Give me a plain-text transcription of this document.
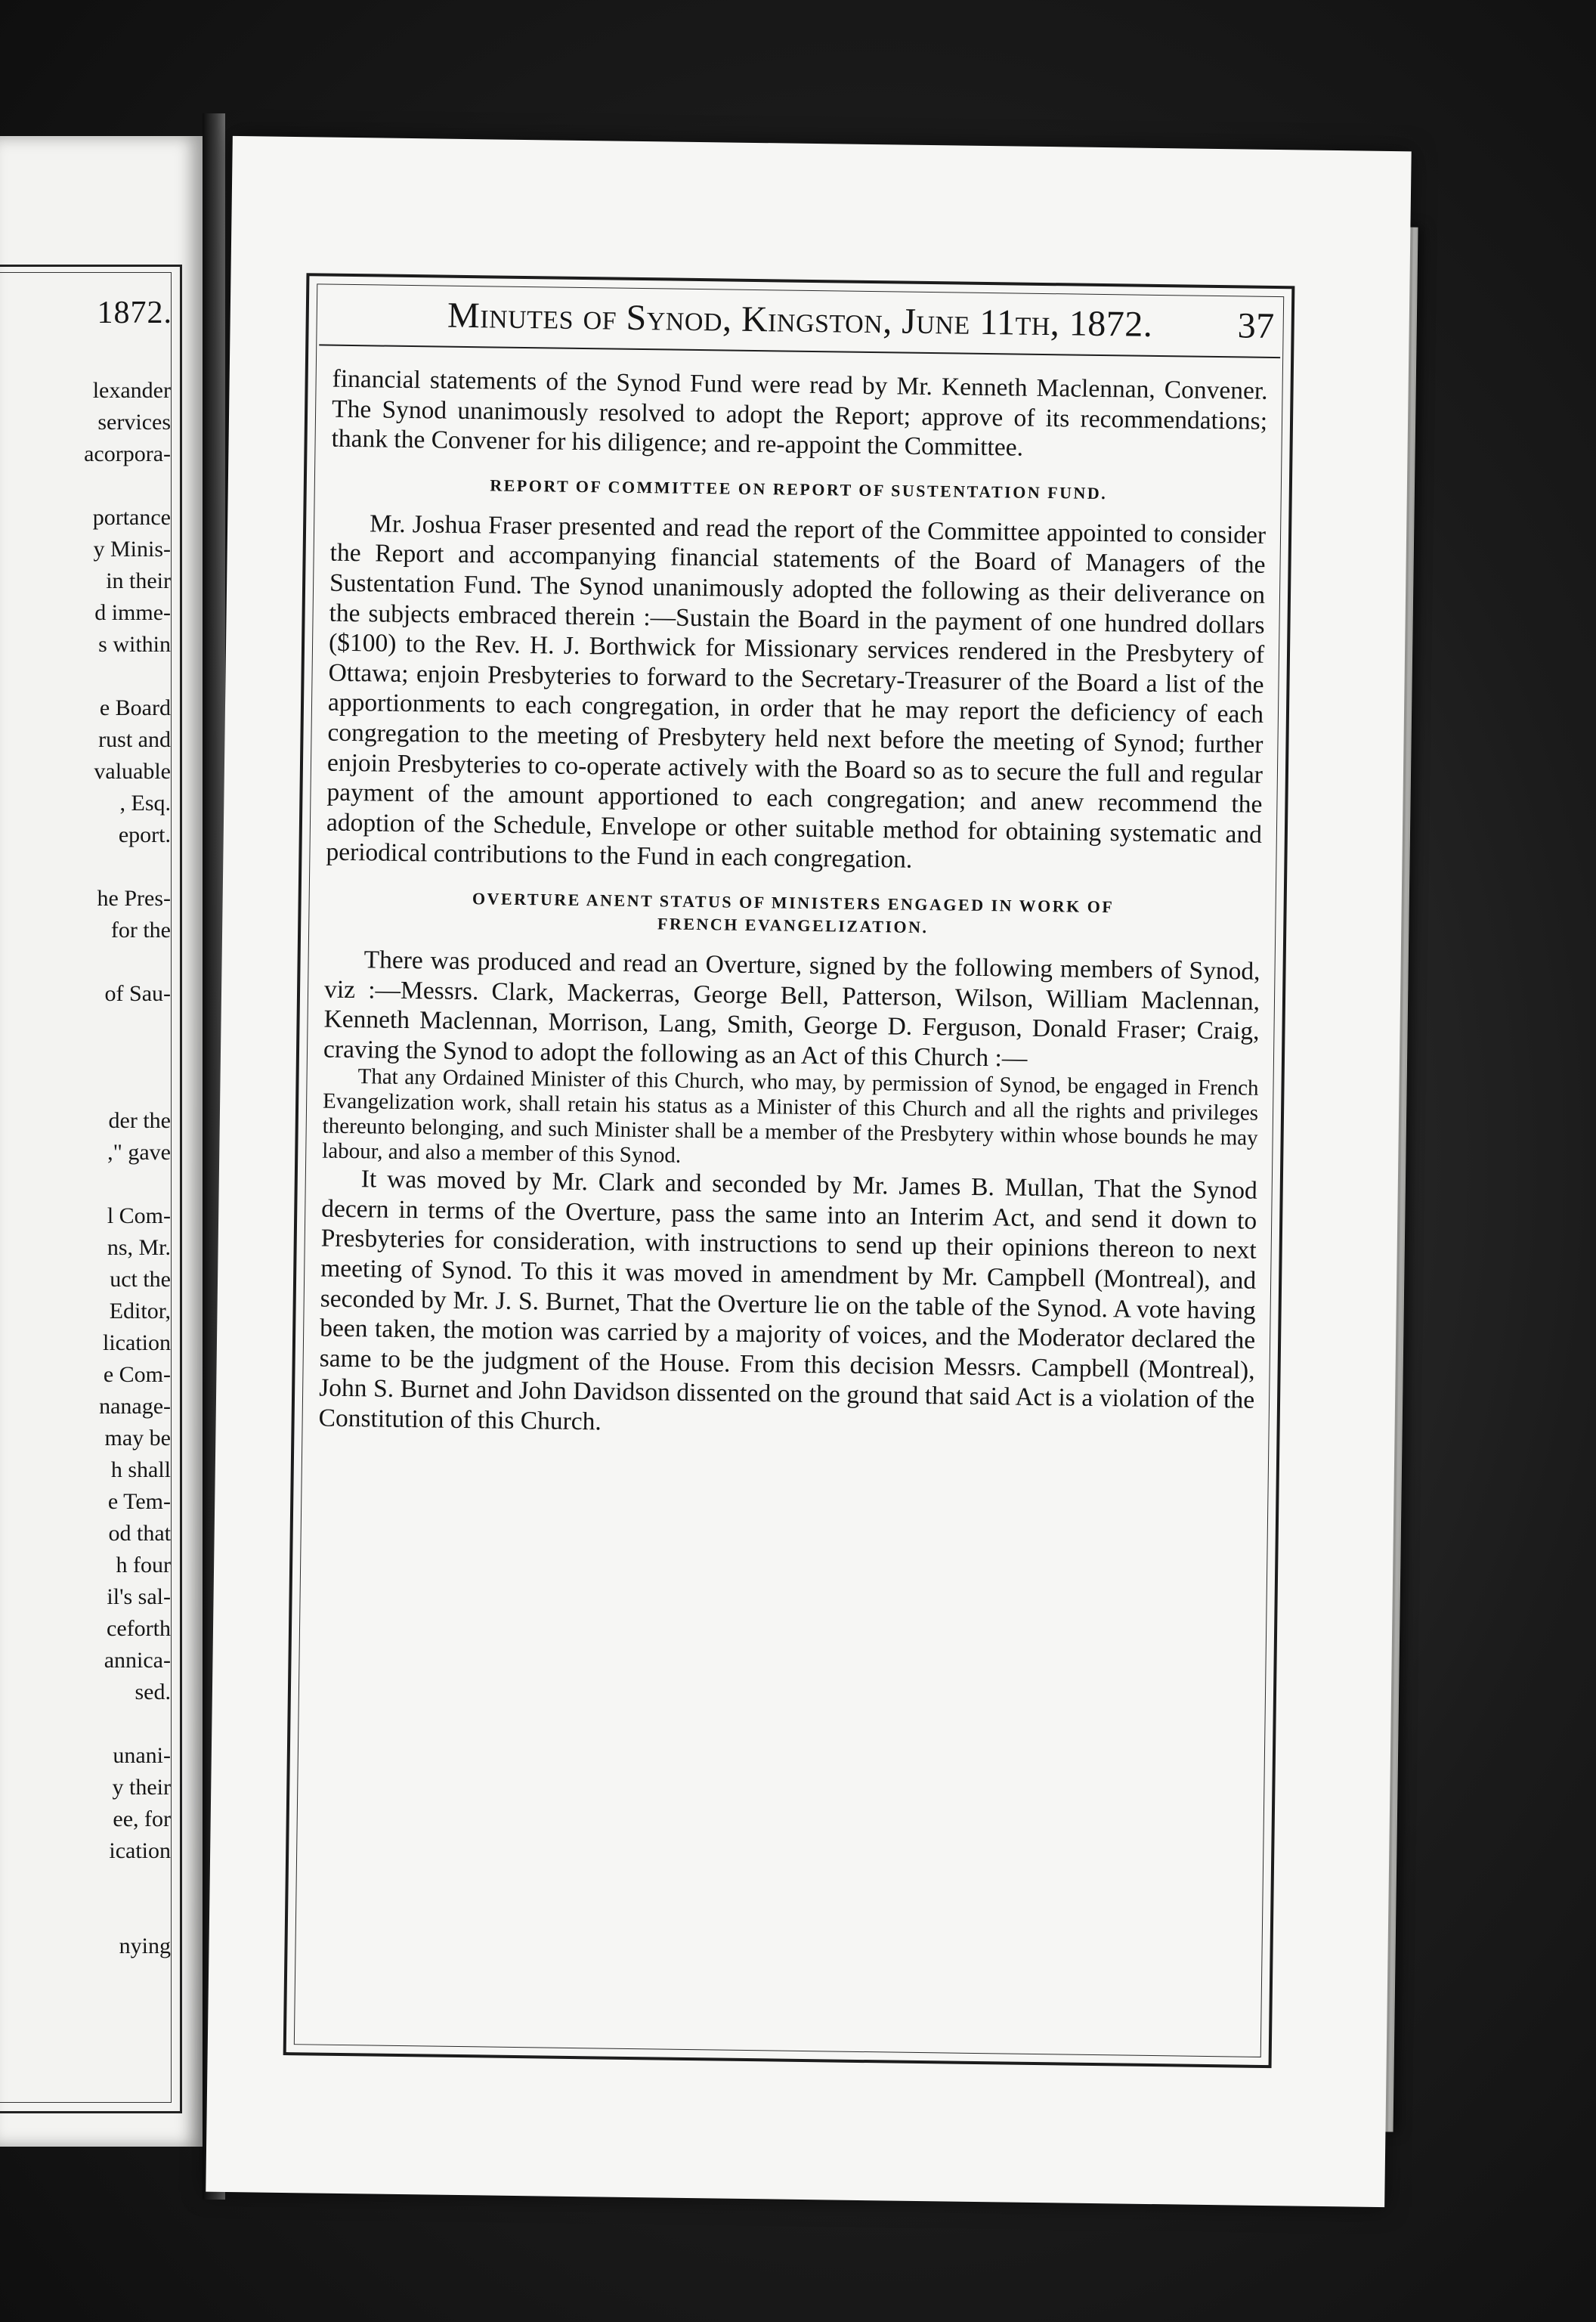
1872.
lexander
services
acorpora-
portance
y Minis-
in their
d imme-
s within
e Board
rust and
valuable
, Esq.
eport.
he Pres-
for the
of Sau-
der the
," gave
l Com-
ns, Mr.
uct the
Editor,
lication
e Com-
nanage-
may be
h shall
e Tem-
od that
h four
il's sal-
ceforth
annica-
sed.
unani-
y their
ee, for
ication
nying
Minutes of Synod, Kingston, June 11th, 1872. 37

financial statements of the Synod Fund were read by Mr. Kenneth Maclennan, Convener. The Synod unanimously resolved to adopt the Report; approve of its recommendations; thank the Convener for his diligence; and re-appoint the Committee.

REPORT OF COMMITTEE ON REPORT OF SUSTENTATION FUND.

Mr. Joshua Fraser presented and read the report of the Committee appointed to consider the Report and accompanying financial statements of the Board of Managers of the Sustentation Fund. The Synod unanimously adopted the following as their deliverance on the subjects embraced therein :—Sustain the Board in the payment of one hundred dollars ($100) to the Rev. H. J. Borthwick for Missionary services rendered in the Presbytery of Ottawa; enjoin Presbyteries to forward to the Secretary-Treasurer of the Board a list of the apportionments to each congregation, in order that he may report the deficiency of each congregation to the meeting of Presbytery held next before the meeting of Synod; further enjoin Presbyteries to co-operate actively with the Board so as to secure the full and regular payment of the amount apportioned to each congregation; and anew recommend the adoption of the Schedule, Envelope or other suitable method for obtaining systematic and periodical contributions to the Fund in each congregation.

OVERTURE ANENT STATUS OF MINISTERS ENGAGED IN WORK OF
FRENCH EVANGELIZATION.

There was produced and read an Overture, signed by the following members of Synod, viz :—Messrs. Clark, Mackerras, George Bell, Patterson, Wilson, William Maclennan, Kenneth Maclennan, Morrison, Lang, Smith, George D. Ferguson, Donald Fraser; Craig, craving the Synod to adopt the following as an Act of this Church :—

That any Ordained Minister of this Church, who may, by permission of Synod, be engaged in French Evangelization work, shall retain his status as a Minister of this Church and all the rights and privileges thereunto belonging, and such Minister shall be a member of the Presbytery within whose bounds he may labour, and also a member of this Synod.

It was moved by Mr. Clark and seconded by Mr. James B. Mullan, That the Synod decern in terms of the Overture, pass the same into an Interim Act, and send it down to Presbyteries for consideration, with instructions to send up their opinions thereon to next meeting of Synod. To this it was moved in amendment by Mr. Campbell (Montreal), and seconded by Mr. J. S. Burnet, That the Overture lie on the table of the Synod. A vote having been taken, the motion was carried by a majority of voices, and the Moderator declared the same to be the judgment of the House. From this decision Messrs. Campbell (Montreal), John S. Burnet and John Davidson dissented on the ground that said Act is a violation of the Constitution of this Church.
